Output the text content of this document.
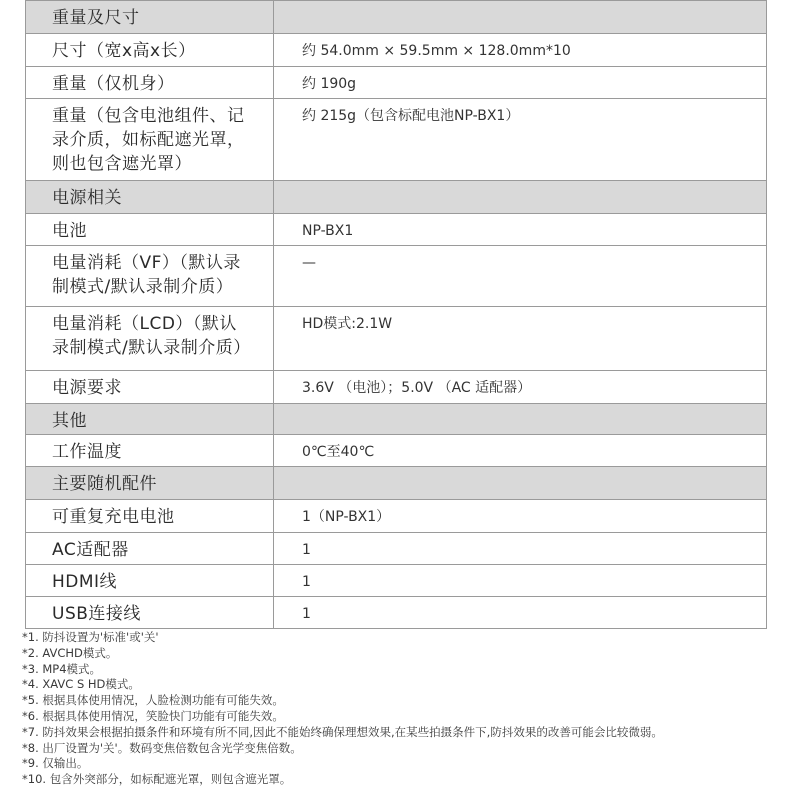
重量及尺寸	

尺寸（宽x高x长）	约 54.0mm × 59.5mm × 128.0mm*10

重量（仅机身）	约 190g

重量（包含电池组件、记录介质，如标配遮光罩，则也包含遮光罩）	约 215g（包含标配电池NP-BX1）

电源相关	

电池	NP-BX1

电量消耗（VF）（默认录制模式/默认录制介质）	—

电量消耗（LCD）（默认录制模式/默认录制介质）	HD模式:2.1W

电源要求	3.6V （电池）；5.0V （AC 适配器）

其他	

工作温度	0℃至40℃

主要随机配件	

可重复充电电池	1（NP-BX1）

AC适配器	1

HDMI线	1

USB连接线	1
*1. 防抖设置为'标准'或'关'
*2. AVCHD模式。
*3. MP4模式。
*4. XAVC S HD模式。
*5. 根据具体使用情况，人脸检测功能有可能失效。
*6. 根据具体使用情况，笑脸快门功能有可能失效。
*7. 防抖效果会根据拍摄条件和环境有所不同,因此不能始终确保理想效果,在某些拍摄条件下,防抖效果的改善可能会比较微弱。
*8. 出厂设置为'关'。数码变焦倍数包含光学变焦倍数。
*9. 仅输出。
*10. 包含外突部分，如标配遮光罩，则包含遮光罩。
